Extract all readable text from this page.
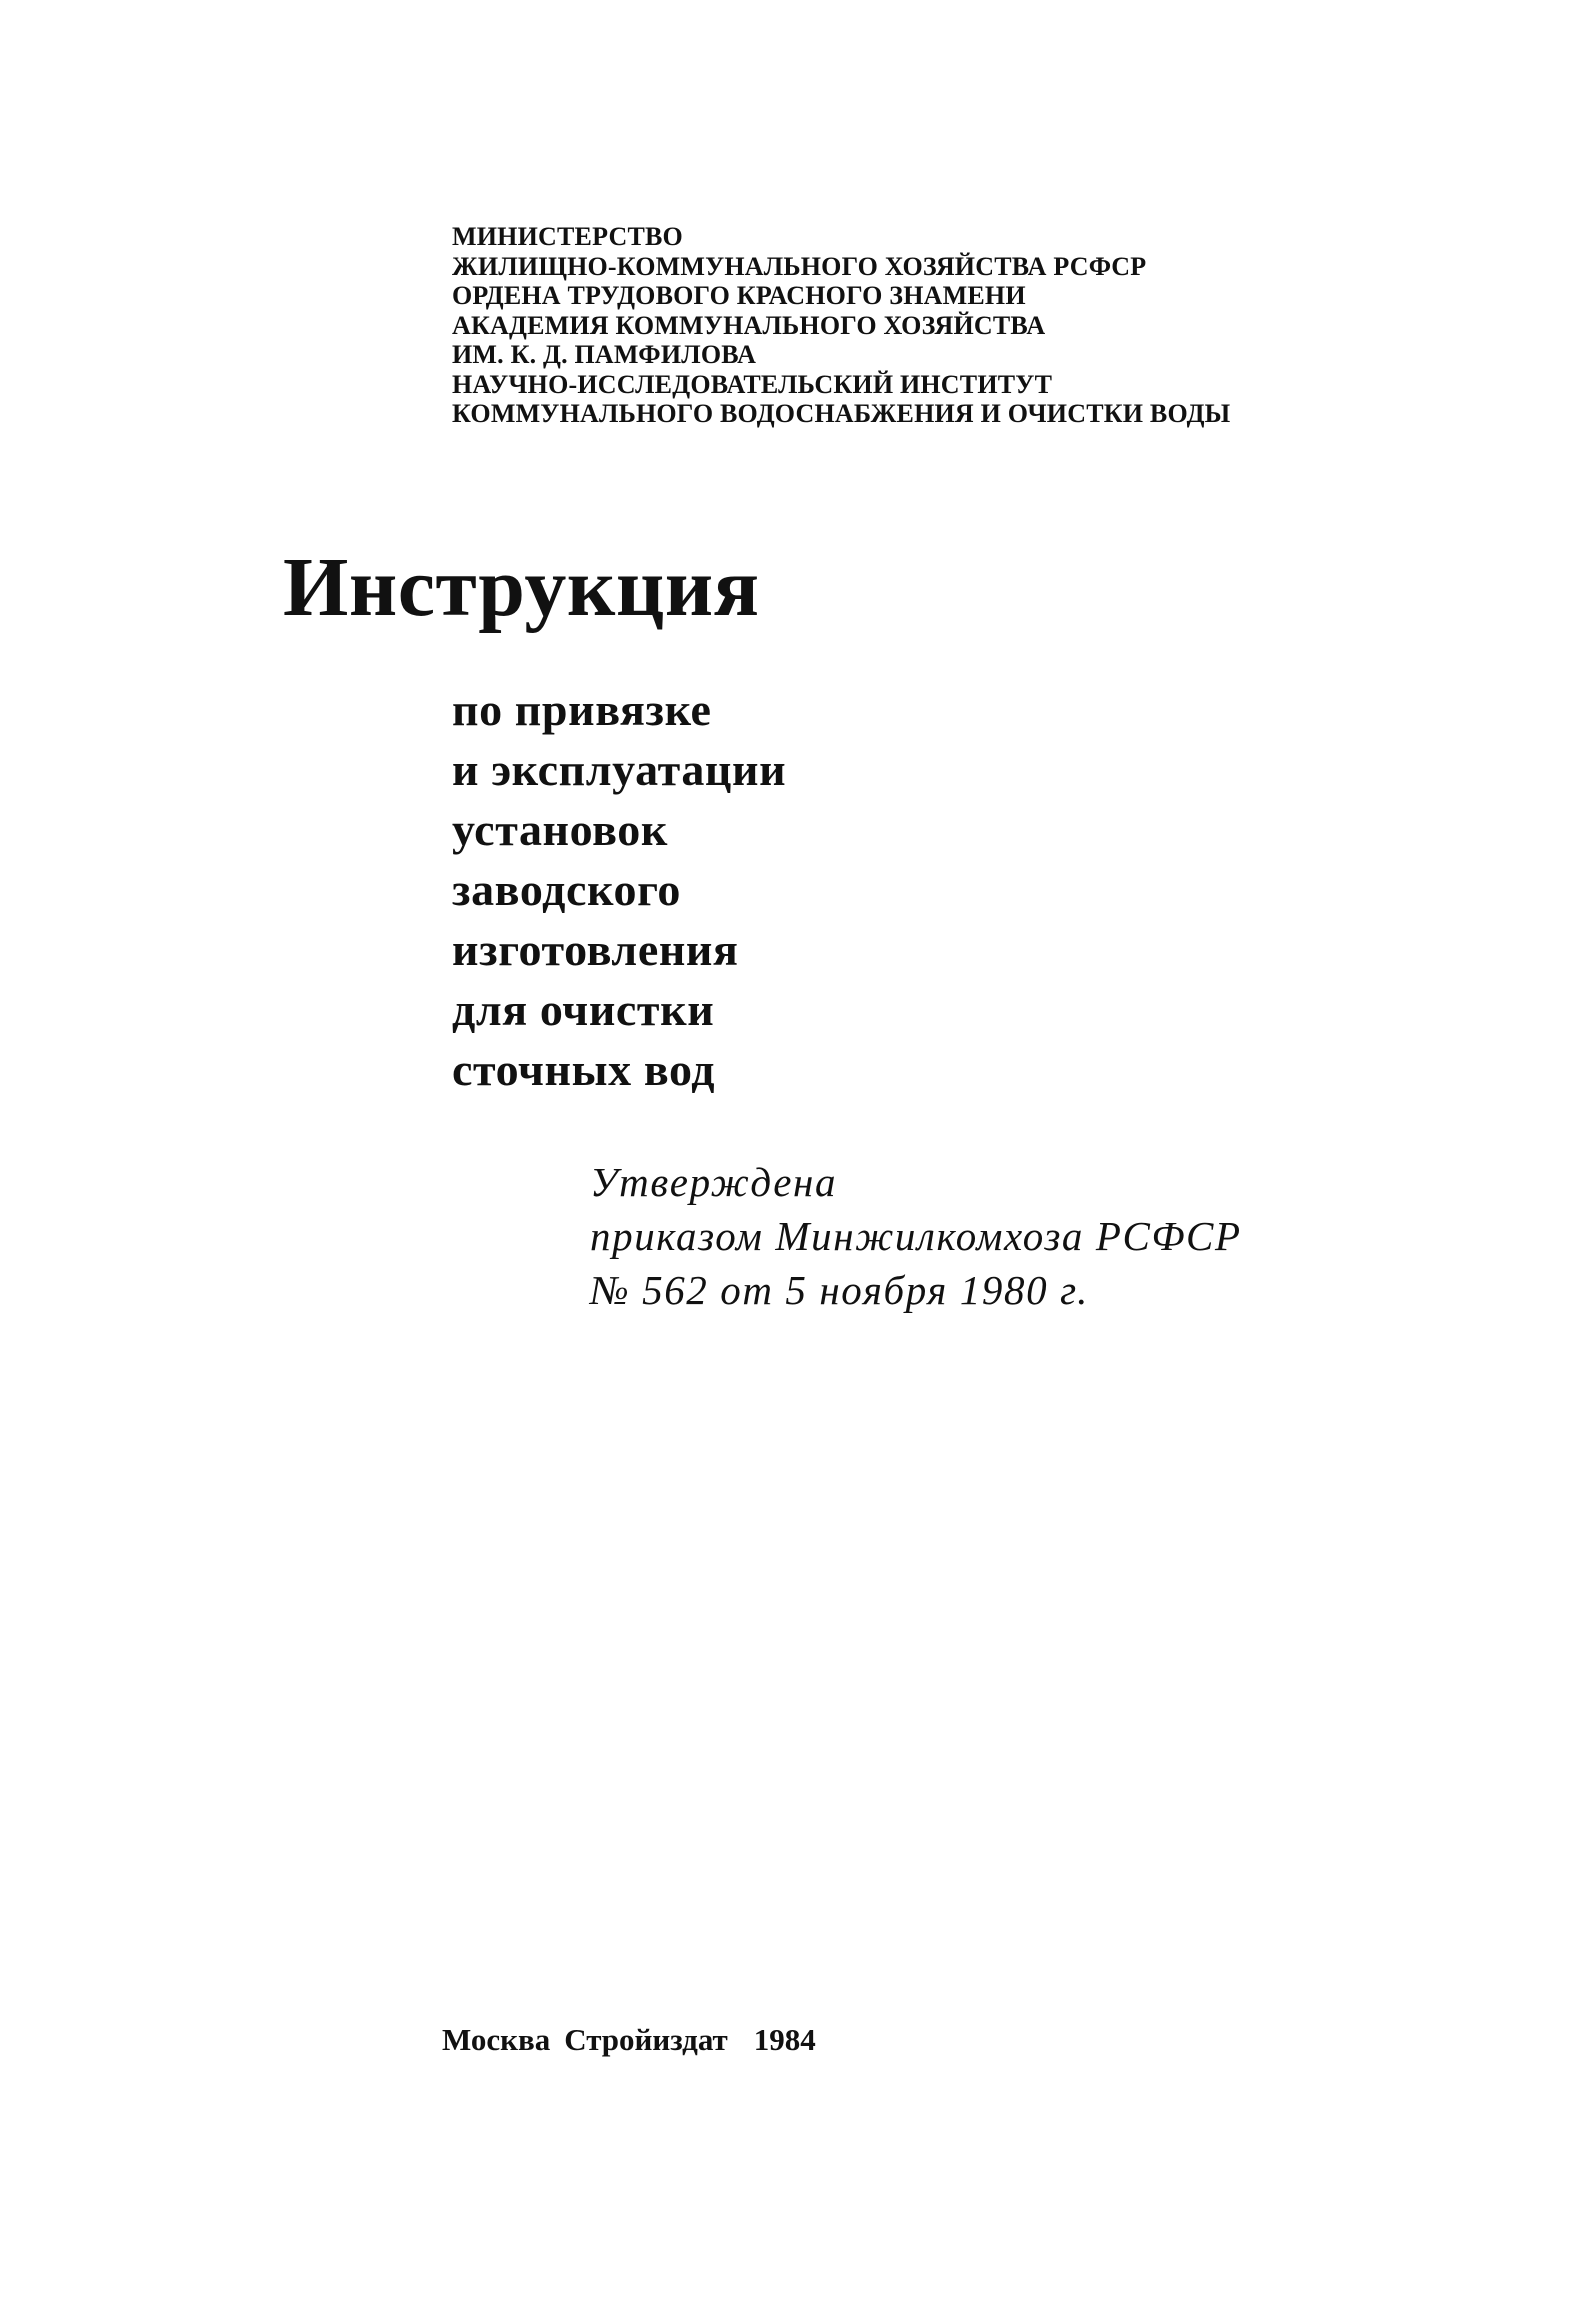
МИНИСТЕРСТВО
ЖИЛИЩНО-КОММУНАЛЬНОГО ХОЗЯЙСТВА РСФСР
ОРДЕНА ТРУДОВОГО КРАСНОГО ЗНАМЕНИ
АКАДЕМИЯ КОММУНАЛЬНОГО ХОЗЯЙСТВА
ИМ. К. Д. ПАМФИЛОВА
НАУЧНО-ИССЛЕДОВАТЕЛЬСКИЙ ИНСТИТУТ
КОММУНАЛЬНОГО ВОДОСНАБЖЕНИЯ И ОЧИСТКИ ВОДЫ
Инструкция
по привязке
и эксплуатации
установок
заводского
изготовления
для очистки
сточных вод
Утверждена
приказом Минжилкомхоза РСФСР
№ 562 от 5 ноября 1980 г.

Москва Стройиздат 1984
